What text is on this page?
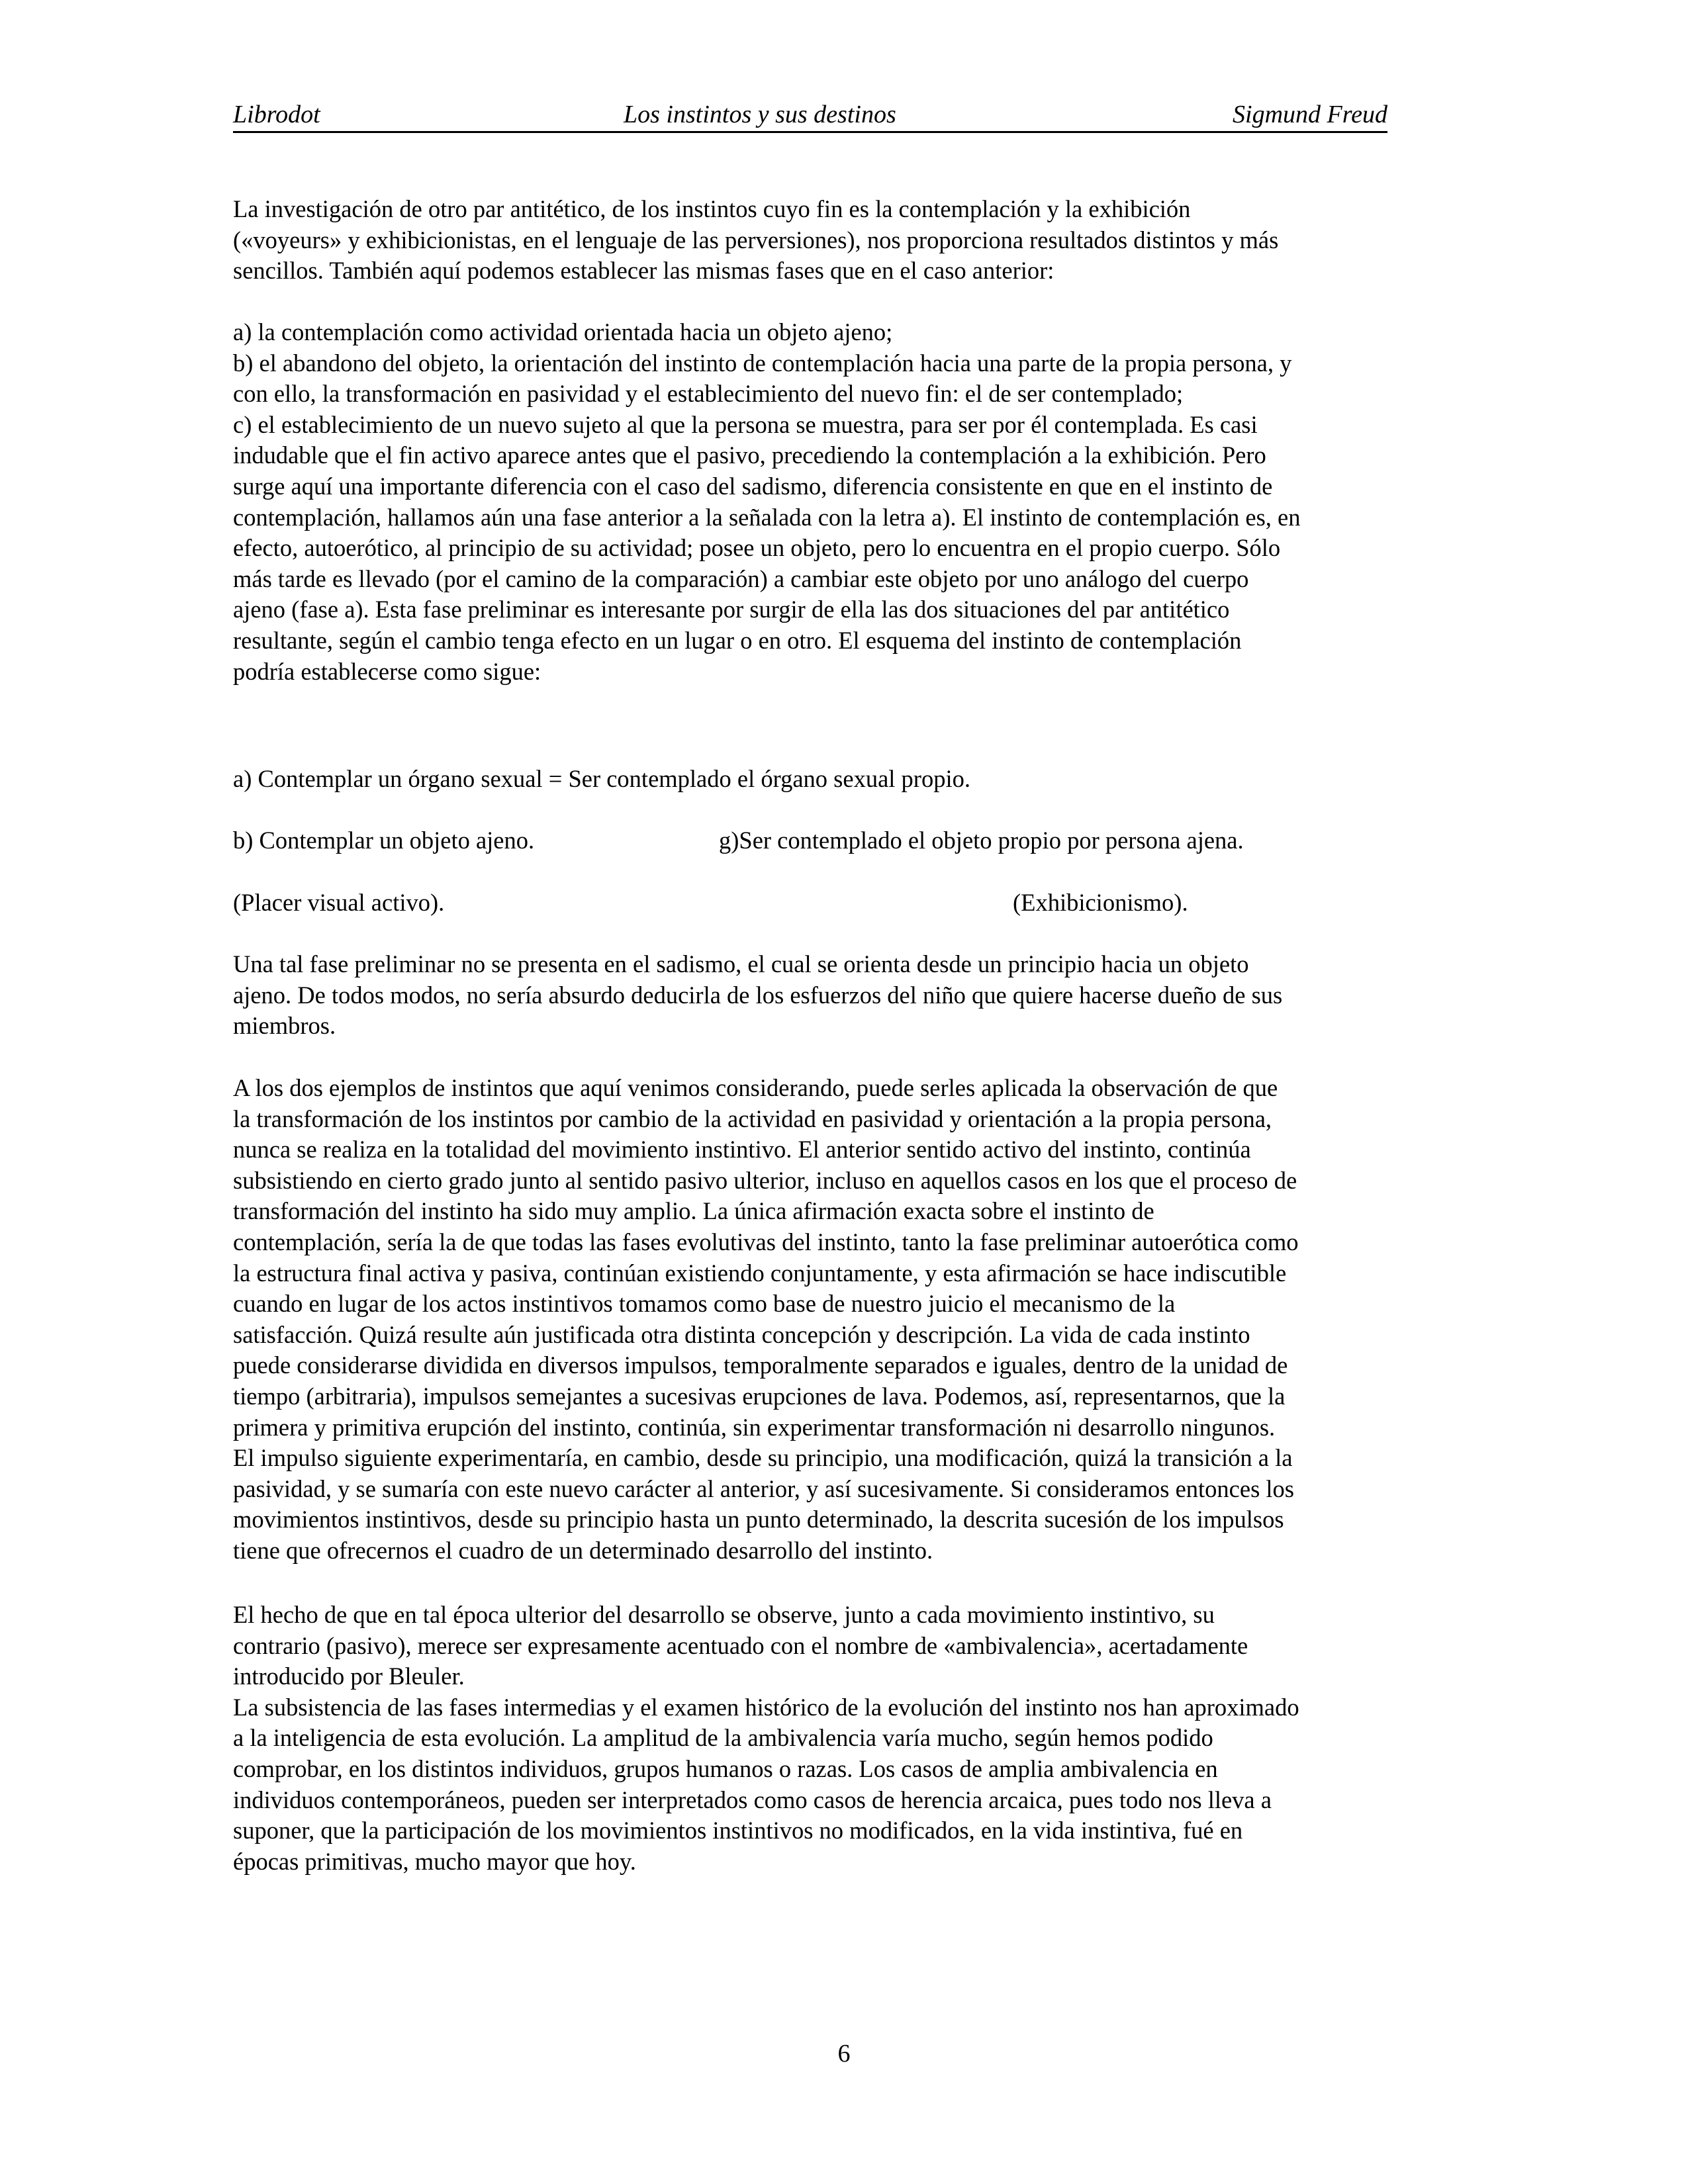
Librodot	Los instintos y sus destinos	Sigmund Freud

La investigación de otro par antitético, de los instintos cuyo fin es la contemplación y la exhibición
(«voyeurs» y exhibicionistas, en el lenguaje de las perversiones), nos proporciona resultados distintos y más
sencillos. También aquí podemos establecer las mismas fases que en el caso anterior:

a) la contemplación como actividad orientada hacia un objeto ajeno;
b) el abandono del objeto, la orientación del instinto de contemplación hacia una parte de la propia persona, y
con ello, la transformación en pasividad y el establecimiento del nuevo fin: el de ser contemplado;
c) el establecimiento de un nuevo sujeto al que la persona se muestra, para ser por él contemplada. Es casi
indudable que el fin activo aparece antes que el pasivo, precediendo la contemplación a la exhibición. Pero
surge aquí una importante diferencia con el caso del sadismo, diferencia consistente en que en el instinto de
contemplación, hallamos aún una fase anterior a la señalada con la letra a). El instinto de contemplación es, en
efecto, autoerótico, al principio de su actividad; posee un objeto, pero lo encuentra en el propio cuerpo. Sólo
más tarde es llevado (por el camino de la comparación) a cambiar este objeto por uno análogo del cuerpo
ajeno (fase a). Esta fase preliminar es interesante por surgir de ella las dos situaciones del par antitético
resultante, según el cambio tenga efecto en un lugar o en otro. El esquema del instinto de contemplación
podría establecerse como sigue:

a) Contemplar un órgano sexual = Ser contemplado el órgano sexual propio.

b) Contemplar un objeto ajeno.	g)Ser contemplado el objeto propio por persona ajena.

(Placer visual activo).	(Exhibicionismo).

Una tal fase preliminar no se presenta en el sadismo, el cual se orienta desde un principio hacia un objeto
ajeno. De todos modos, no sería absurdo deducirla de los esfuerzos del niño que quiere hacerse dueño de sus
miembros.

A los dos ejemplos de instintos que aquí venimos considerando, puede serles aplicada la observación de que
la transformación de los instintos por cambio de la actividad en pasividad y orientación a la propia persona,
nunca se realiza en la totalidad del movimiento instintivo. El anterior sentido activo del instinto, continúa
subsistiendo en cierto grado junto al sentido pasivo ulterior, incluso en aquellos casos en los que el proceso de
transformación del instinto ha sido muy amplio. La única afirmación exacta sobre el instinto de
contemplación, sería la de que todas las fases evolutivas del instinto, tanto la fase preliminar autoerótica como
la estructura final activa y pasiva, continúan existiendo conjuntamente, y esta afirmación se hace indiscutible
cuando en lugar de los actos instintivos tomamos como base de nuestro juicio el mecanismo de la
satisfacción. Quizá resulte aún justificada otra distinta concepción y descripción. La vida de cada instinto
puede considerarse dividida en diversos impulsos, temporalmente separados e iguales, dentro de la unidad de
tiempo (arbitraria), impulsos semejantes a sucesivas erupciones de lava. Podemos, así, representarnos, que la
primera y primitiva erupción del instinto, continúa, sin experimentar transformación ni desarrollo ningunos.
El impulso siguiente experimentaría, en cambio, desde su principio, una modificación, quizá la transición a la
pasividad, y se sumaría con este nuevo carácter al anterior, y así sucesivamente. Si consideramos entonces los
movimientos instintivos, desde su principio hasta un punto determinado, la descrita sucesión de los impulsos
tiene que ofrecernos el cuadro de un determinado desarrollo del instinto.

El hecho de que en tal época ulterior del desarrollo se observe, junto a cada movimiento instintivo, su
contrario (pasivo), merece ser expresamente acentuado con el nombre de «ambivalencia», acertadamente
introducido por Bleuler.
La subsistencia de las fases intermedias y el examen histórico de la evolución del instinto nos han aproximado
a la inteligencia de esta evolución. La amplitud de la ambivalencia varía mucho, según hemos podido
comprobar, en los distintos individuos, grupos humanos o razas. Los casos de amplia ambivalencia en
individuos contemporáneos, pueden ser interpretados como casos de herencia arcaica, pues todo nos lleva a
suponer, que la participación de los movimientos instintivos no modificados, en la vida instintiva, fué en
épocas primitivas, mucho mayor que hoy.

6
